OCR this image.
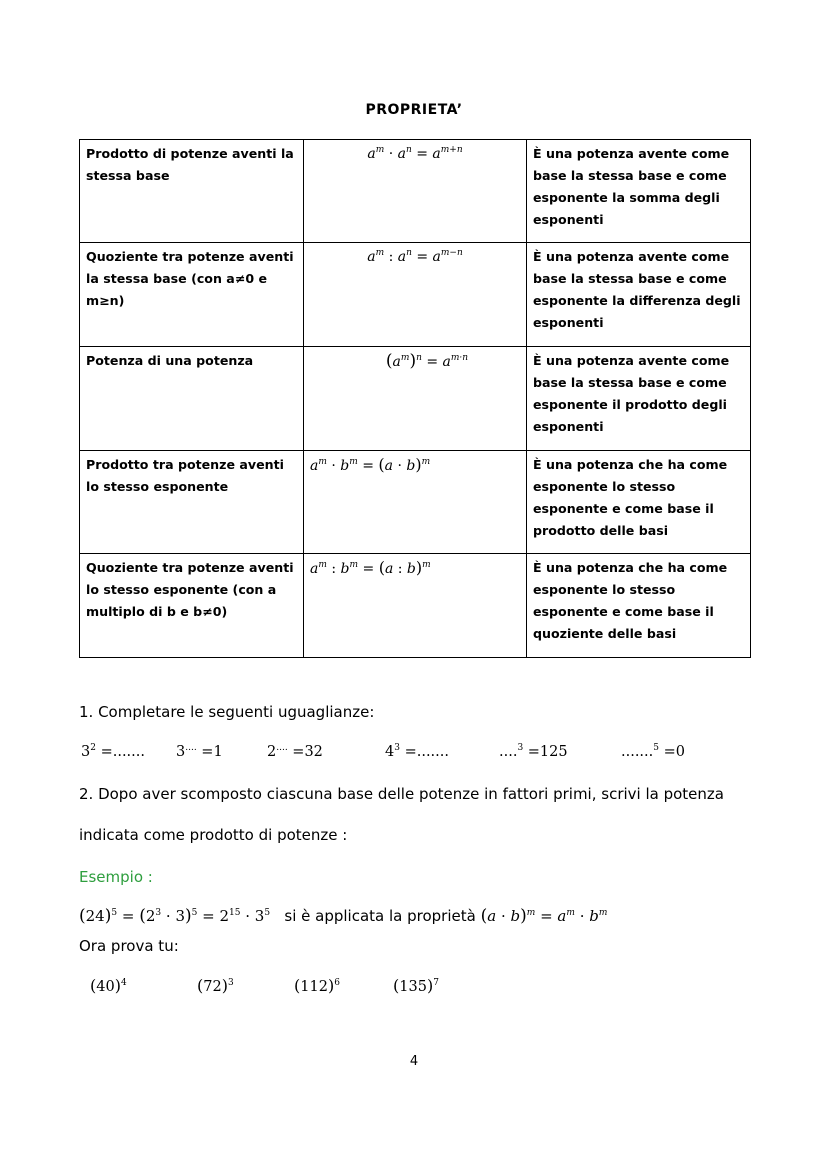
PROPRIETA’
Prodotto di potenze aventi la stessa base	$a^m \cdot a^n = a^{m+n}$	È una potenza avente come base la stessa base e come esponente la somma degli esponenti
Quoziente tra potenze aventi la stessa base (con a≠0 e m≥n)	$a^m$ : $a^n = a^{m-n}$	È una potenza avente come base la stessa base e come esponente la differenza degli esponenti
Potenza di una potenza	$(a^m)^n = a^{m\cdot n}$	È una potenza avente come base la stessa base e come esponente il prodotto degli esponenti
Prodotto tra potenze aventi lo stesso esponente	$a^m \cdot b^m = (a \cdot b)^m$	È una potenza che ha come esponente lo stesso esponente e come base il prodotto delle basi
Quoziente tra potenze aventi lo stesso esponente (con a multiplo di b e b≠0)	$a^m$ : $b^m = (a$ : b)$^m$	È una potenza che ha come esponente lo stesso esponente e come base il quoziente delle basi
1. Completare le seguenti uguaglianze:
$3^2$ =....... 3.... =1	2.... =32	$4^3$ =.......	....$^3$ =125	.......$^5$ =0
2. Dopo aver scomposto ciascuna base delle potenze in fattori primi, scrivi la potenza
indicata come prodotto di potenze :
Esempio :
$(24)^5 = (2^3 \cdot 3)^5 = 2^{15} \cdot 3^5$ si è applicata la proprietà $(a \cdot b)^m = a^m \cdot b^m$
Ora prova tu:
$(40)^4$	$(72)^3$	$(112)^6$	$(135)^7$
4
